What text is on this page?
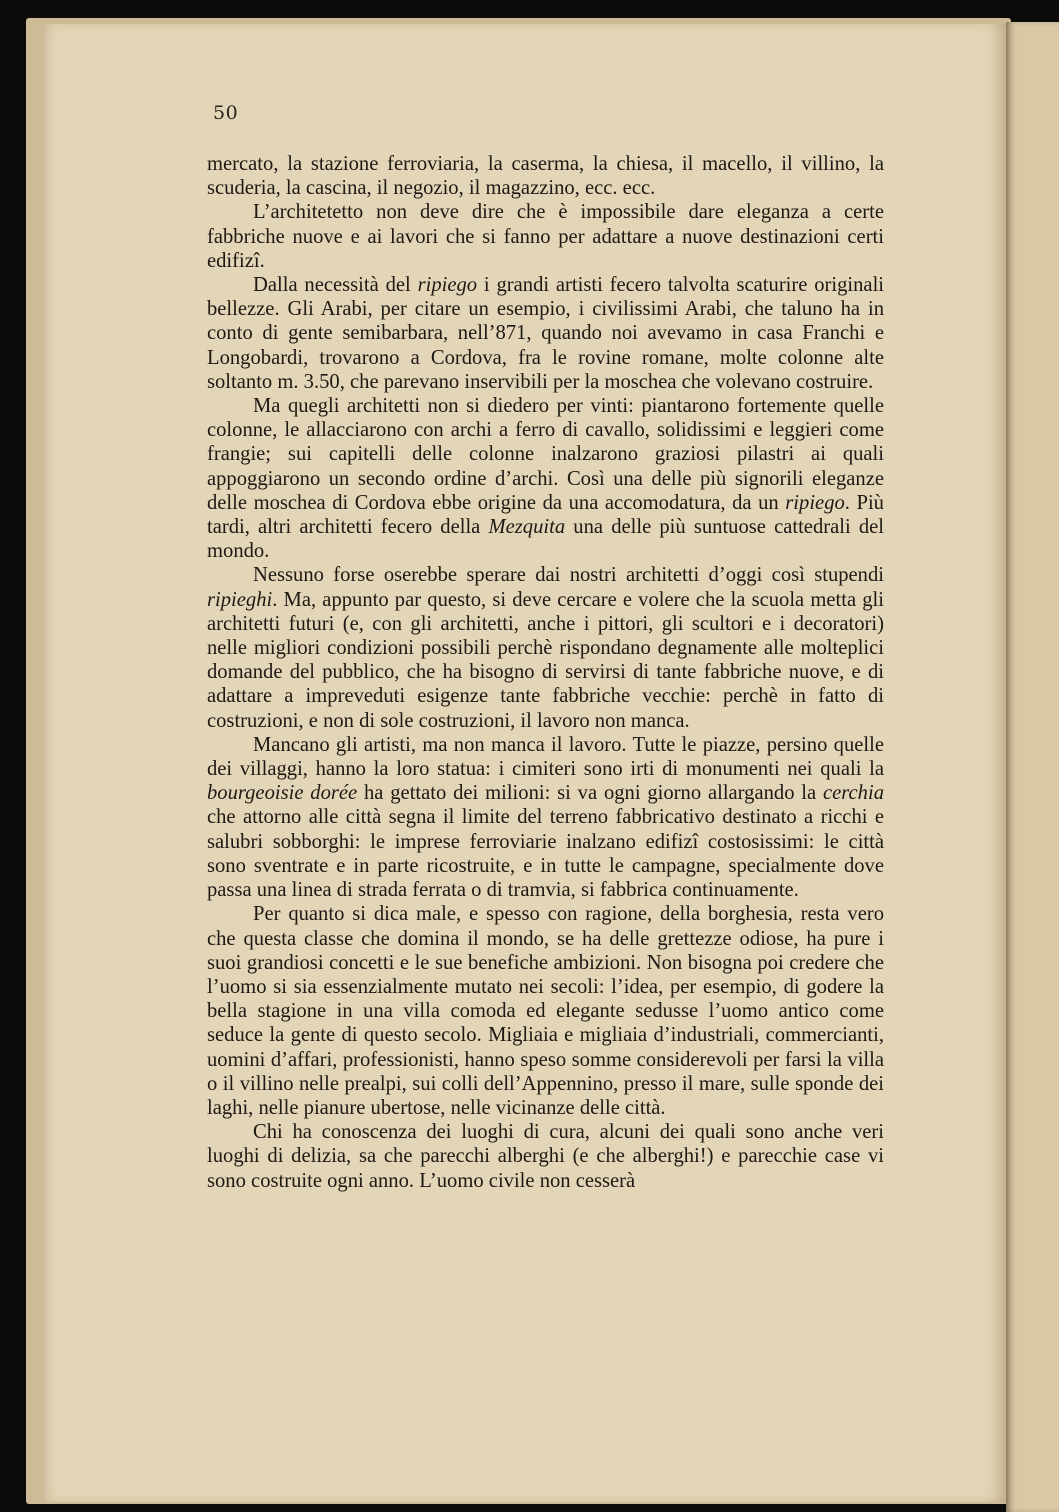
50

mercato, la stazione ferroviaria, la caserma, la chiesa, il macello, il villino, la scuderia, la cascina, il negozio, il magazzino, ecc. ecc.

L’architetetto non deve dire che è impossibile dare eleganza a certe fabbriche nuove e ai lavori che si fanno per adattare a nuove destinazioni certi edifizî.

Dalla necessità del ripiego i grandi artisti fecero talvolta scaturire originali bellezze. Gli Arabi, per citare un esempio, i civilissimi Arabi, che taluno ha in conto di gente semibarbara, nell’871, quando noi avevamo in casa Franchi e Longobardi, trovarono a Cordova, fra le rovine romane, molte colonne alte soltanto m. 3.50, che parevano inservibili per la moschea che volevano costruire.

Ma quegli architetti non si diedero per vinti: piantarono fortemente quelle colonne, le allacciarono con archi a ferro di cavallo, solidissimi e leggieri come frangie; sui capitelli delle colonne inalzarono graziosi pilastri ai quali appoggiarono un secondo ordine d’archi. Così una delle più signorili eleganze delle moschea di Cordova ebbe origine da una accomodatura, da un ripiego. Più tardi, altri architetti fecero della Mezquita una delle più suntuose cattedrali del mondo.

Nessuno forse oserebbe sperare dai nostri architetti d’oggi così stupendi ripieghi. Ma, appunto par questo, si deve cercare e volere che la scuola metta gli architetti futuri (e, con gli architetti, anche i pittori, gli scultori e i decoratori) nelle migliori condizioni possibili perchè rispondano degnamente alle molteplici domande del pubblico, che ha bisogno di servirsi di tante fabbriche nuove, e di adattare a impreveduti esigenze tante fabbriche vecchie: perchè in fatto di costruzioni, e non di sole costruzioni, il lavoro non manca.

Mancano gli artisti, ma non manca il lavoro. Tutte le piazze, persino quelle dei villaggi, hanno la loro statua: i cimiteri sono irti di monumenti nei quali la bourgeoisie dorée ha gettato dei milioni: si va ogni giorno allargando la cerchia che attorno alle città segna il limite del terreno fabbricativo destinato a ricchi e salubri sobborghi: le imprese ferroviarie inalzano edifizî costosissimi: le città sono sventrate e in parte ricostruite, e in tutte le campagne, specialmente dove passa una linea di strada ferrata o di tramvia, si fabbrica continuamente.

Per quanto si dica male, e spesso con ragione, della borghesia, resta vero che questa classe che domina il mondo, se ha delle grettezze odiose, ha pure i suoi grandiosi concetti e le sue benefiche ambizioni. Non bisogna poi credere che l’uomo si sia essenzialmente mutato nei secoli: l’idea, per esempio, di godere la bella stagione in una villa comoda ed elegante sedusse l’uomo antico come seduce la gente di questo secolo. Migliaia e migliaia d’industriali, commercianti, uomini d’affari, professionisti, hanno speso somme considerevoli per farsi la villa o il villino nelle prealpi, sui colli dell’Appennino, presso il mare, sulle sponde dei laghi, nelle pianure ubertose, nelle vicinanze delle città.

Chi ha conoscenza dei luoghi di cura, alcuni dei quali sono anche veri luoghi di delizia, sa che parecchi alberghi (e che alberghi!) e parecchie case vi sono costruite ogni anno. L’uomo civile non cesserà
